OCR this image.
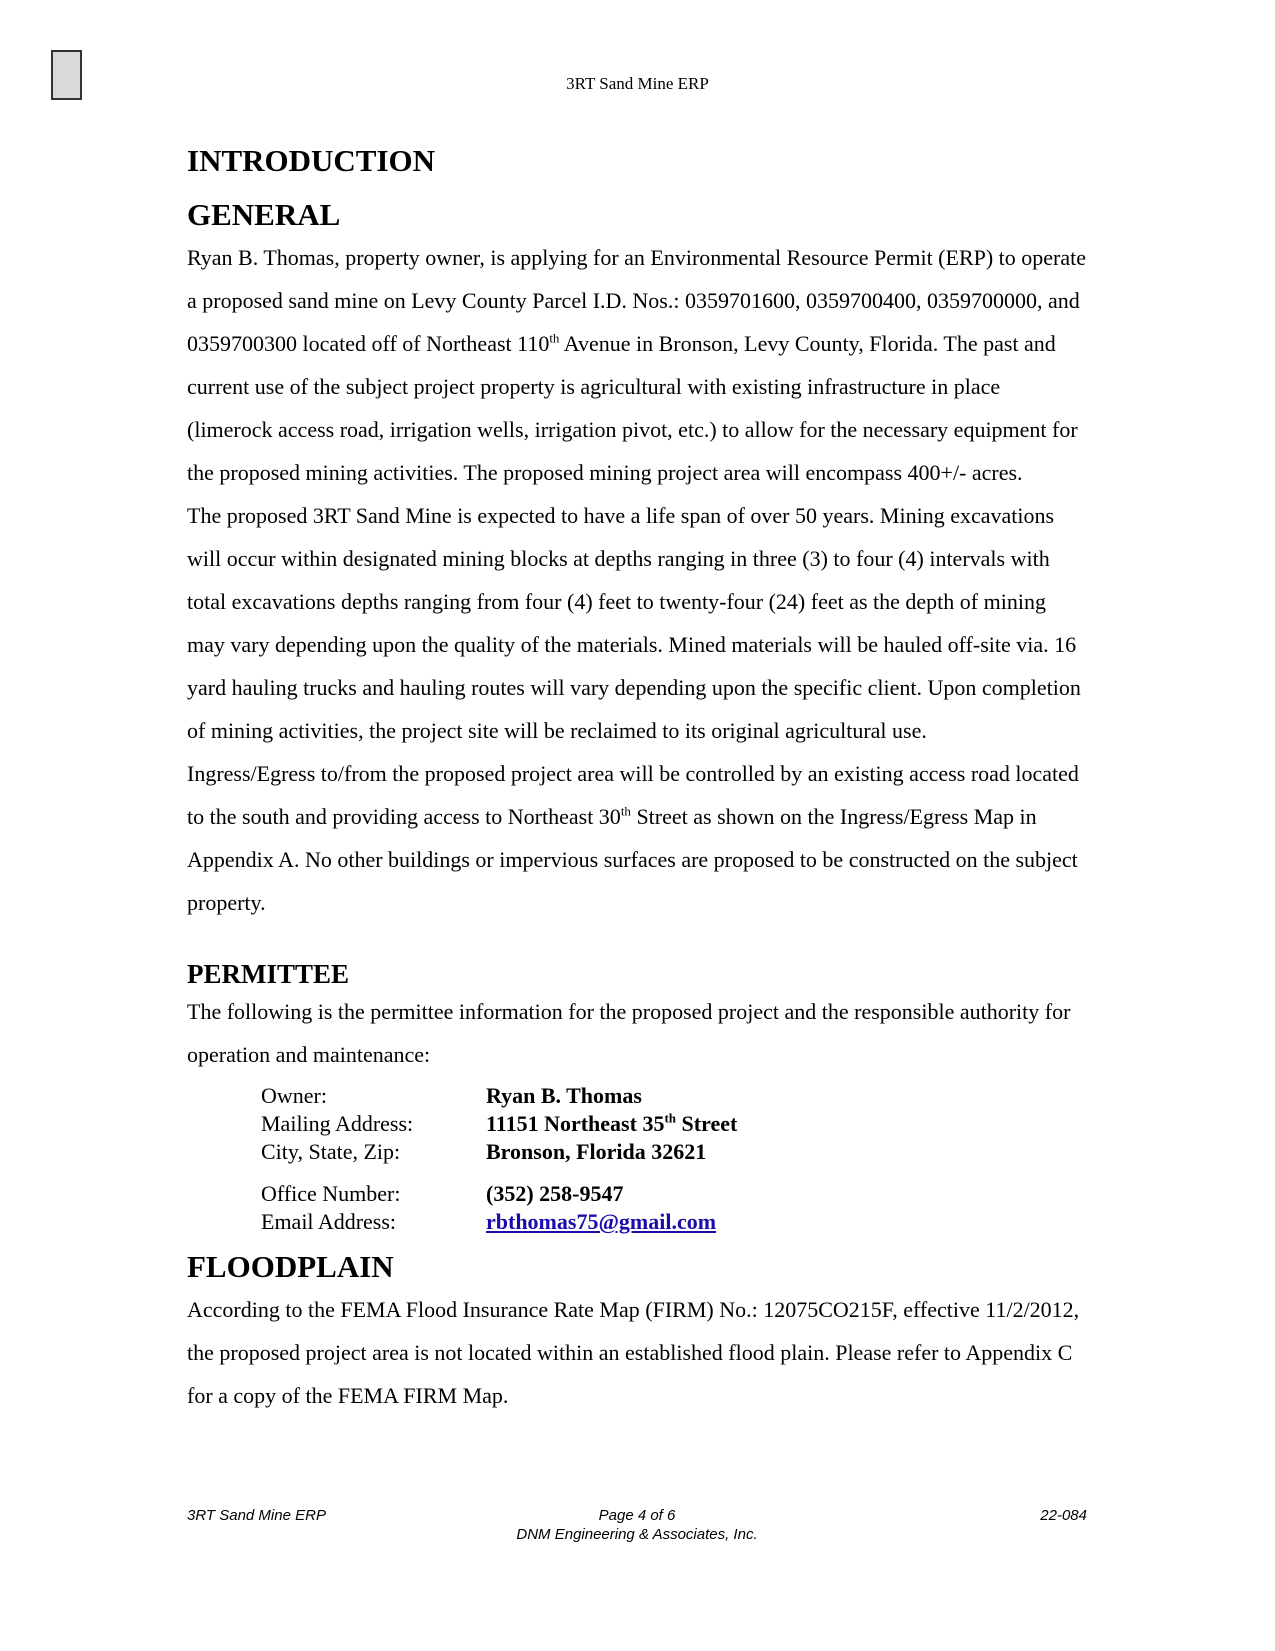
3RT Sand Mine ERP
INTRODUCTION
GENERAL

Ryan B. Thomas, property owner, is applying for an Environmental Resource Permit (ERP) to operate a proposed sand mine on Levy County Parcel I.D. Nos.: 0359701600, 0359700400, 0359700000, and 0359700300 located off of Northeast 110th Avenue in Bronson, Levy County, Florida. The past and current use of the subject project property is agricultural with existing infrastructure in place (limerock access road, irrigation wells, irrigation pivot, etc.) to allow for the necessary equipment for the proposed mining activities. The proposed mining project area will encompass 400+/- acres.

The proposed 3RT Sand Mine is expected to have a life span of over 50 years. Mining excavations will occur within designated mining blocks at depths ranging in three (3) to four (4) intervals with total excavations depths ranging from four (4) feet to twenty-four (24) feet as the depth of mining may vary depending upon the quality of the materials. Mined materials will be hauled off-site via. 16 yard hauling trucks and hauling routes will vary depending upon the specific client. Upon completion of mining activities, the project site will be reclaimed to its original agricultural use.

Ingress/Egress to/from the proposed project area will be controlled by an existing access road located to the south and providing access to Northeast 30th Street as shown on the Ingress/Egress Map in Appendix A. No other buildings or impervious surfaces are proposed to be constructed on the subject property.

PERMITTEE

The following is the permittee information for the proposed project and the responsible authority for operation and maintenance:

Owner:	Ryan B. Thomas
Mailing Address:	11151 Northeast 35th Street
City, State, Zip:	Bronson, Florida 32621
Office Number:	(352) 258-9547
Email Address:	rbthomas75@gmail.com
FLOODPLAIN

According to the FEMA Flood Insurance Rate Map (FIRM) No.: 12075CO215F, effective 11/2/2012, the proposed project area is not located within an established flood plain. Please refer to Appendix C for a copy of the FEMA FIRM Map.

3RT Sand Mine ERP	Page 4 of 6	22-084
DNM Engineering & Associates, Inc.
